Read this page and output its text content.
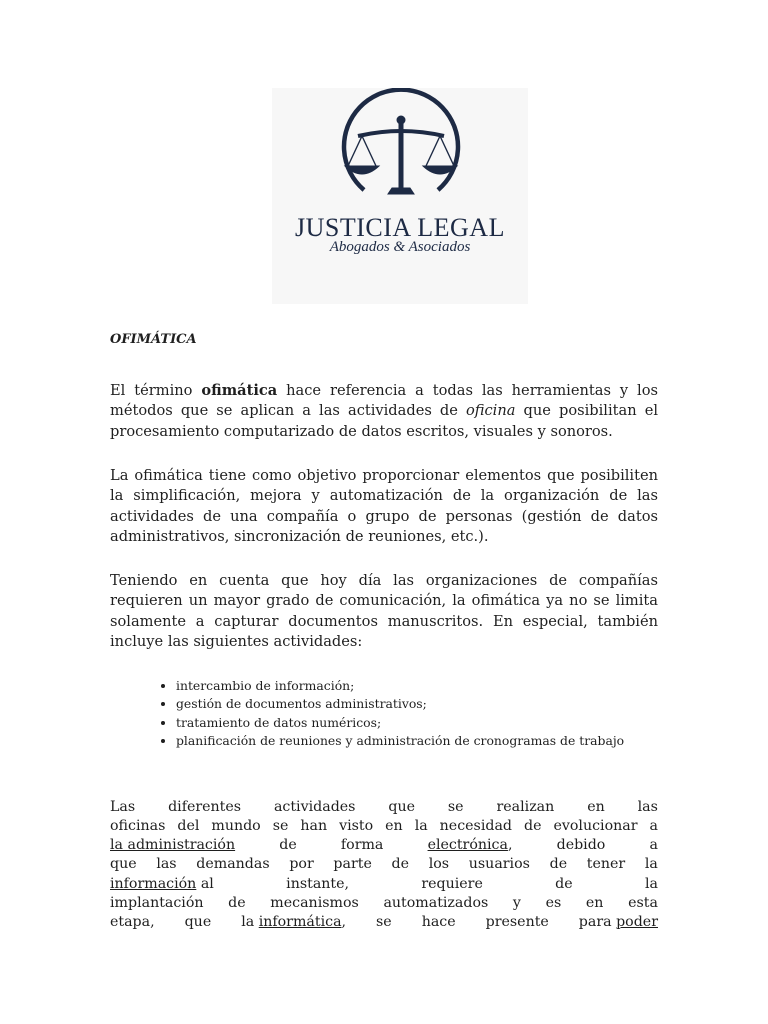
JUSTICIA LEGAL
Abogados & Asociados
OFIMÁTICA

El término ofimática hace referencia a todas las herramientas y los métodos que se aplican a las actividades de oficina que posibilitan el procesamiento computarizado de datos escritos, visuales y sonoros.

La ofimática tiene como objetivo proporcionar elementos que posibiliten la simplificación, mejora y automatización de la organización de las actividades de una compañía o grupo de personas (gestión de datos administrativos, sincronización de reuniones, etc.).

Teniendo en cuenta que hoy día las organizaciones de compañías requieren un mayor grado de comunicación, la ofimática ya no se limita solamente a capturar documentos manuscritos. En especial, también incluye las siguientes actividades:

• intercambio de información;
• gestión de documentos administrativos;
• tratamiento de datos numéricos;
• planificación de reuniones y administración de cronogramas de trabajo
Las diferentes actividades que se realizan en las
oficinas del mundo se han visto en la necesidad de evolucionar a
la administración	de	forma	electrónica,	debido	a
que las demandas por parte de los usuarios de tener la
información al	instante,	requiere	de	la
implantación de mecanismos automatizados y es en esta
etapa, que la informática, se hace presente para poder
